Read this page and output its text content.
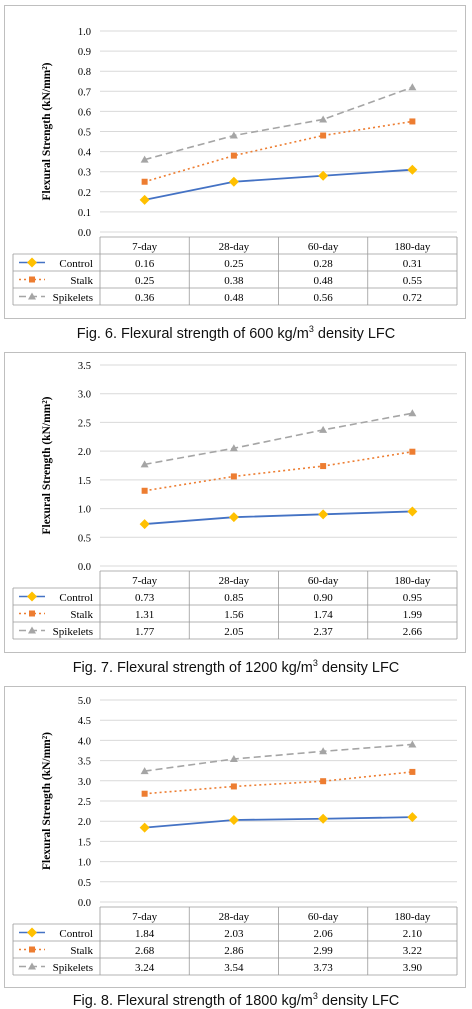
0.0
0.1
0.2
0.3
0.4
0.5
0.6
0.7
0.8
0.9
1.0
Flexural Strength (kN/mm²)
7-day	28-day	60-day	180-day
Control	0.16	0.25	0.28	0.31
Stalk	0.25	0.38	0.48	0.55
Spikelets	0.36	0.48	0.56	0.72
Fig. 6. Flexural strength of 600 $kg/m^3$ density LFC
0.0
0.5
1.0
1.5
2.0
2.5
3.0
3.5
Flexural Strength (kN/mm²)
7-day	28-day	60-day	180-day
Control	0.73	0.85	0.90	0.95
Stalk	1.31	1.56	1.74	1.99
Spikelets	1.77	2.05	2.37	2.66
Fig. 7. Flexural strength of 1200 $kg/m^3$ density LFC
0.0
0.5
1.0
1.5
2.0
2.5
3.0
3.5
4.0
4.5
5.0
Flexural Strength (kN/mm²)
7-day	28-day	60-day	180-day
Control	1.84	2.03	2.06	2.10
Stalk	2.68	2.86	2.99	3.22
Spikelets	3.24	3.54	3.73	3.90
Fig. 8. Flexural strength of 1800 $kg/m^3$ density LFC
